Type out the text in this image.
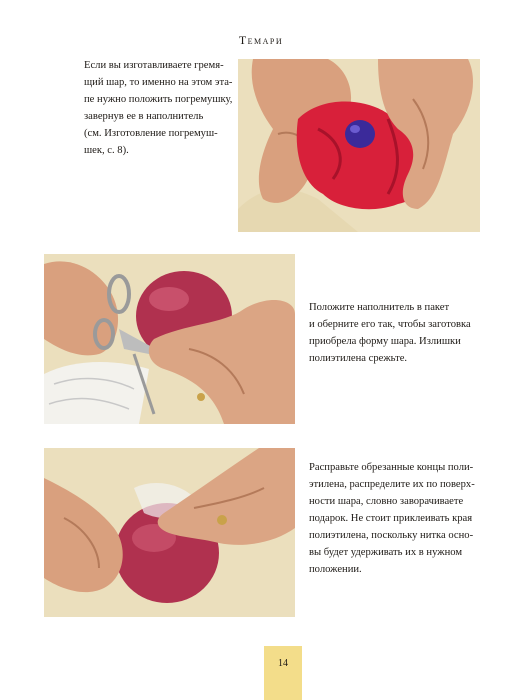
Темари
Если вы изготавливаете гремя-
щий шар, то именно на этом эта-
пе нужно положить погремушку,
завернув ее в наполнитель
(см. Изготовление погремуш-
шек, с. 8).
Положите наполнитель в пакет
и оберните его так, чтобы заготовка
приобрела форму шара. Излишки
полиэтилена срежьте.
Расправьте обрезанные концы поли-
этилена, распределите их по поверх-
ности шара, словно заворачиваете
подарок. Не стоит приклеивать края
полиэтилена, поскольку нитка осно-
вы будет удерживать их в нужном
положении.
14
